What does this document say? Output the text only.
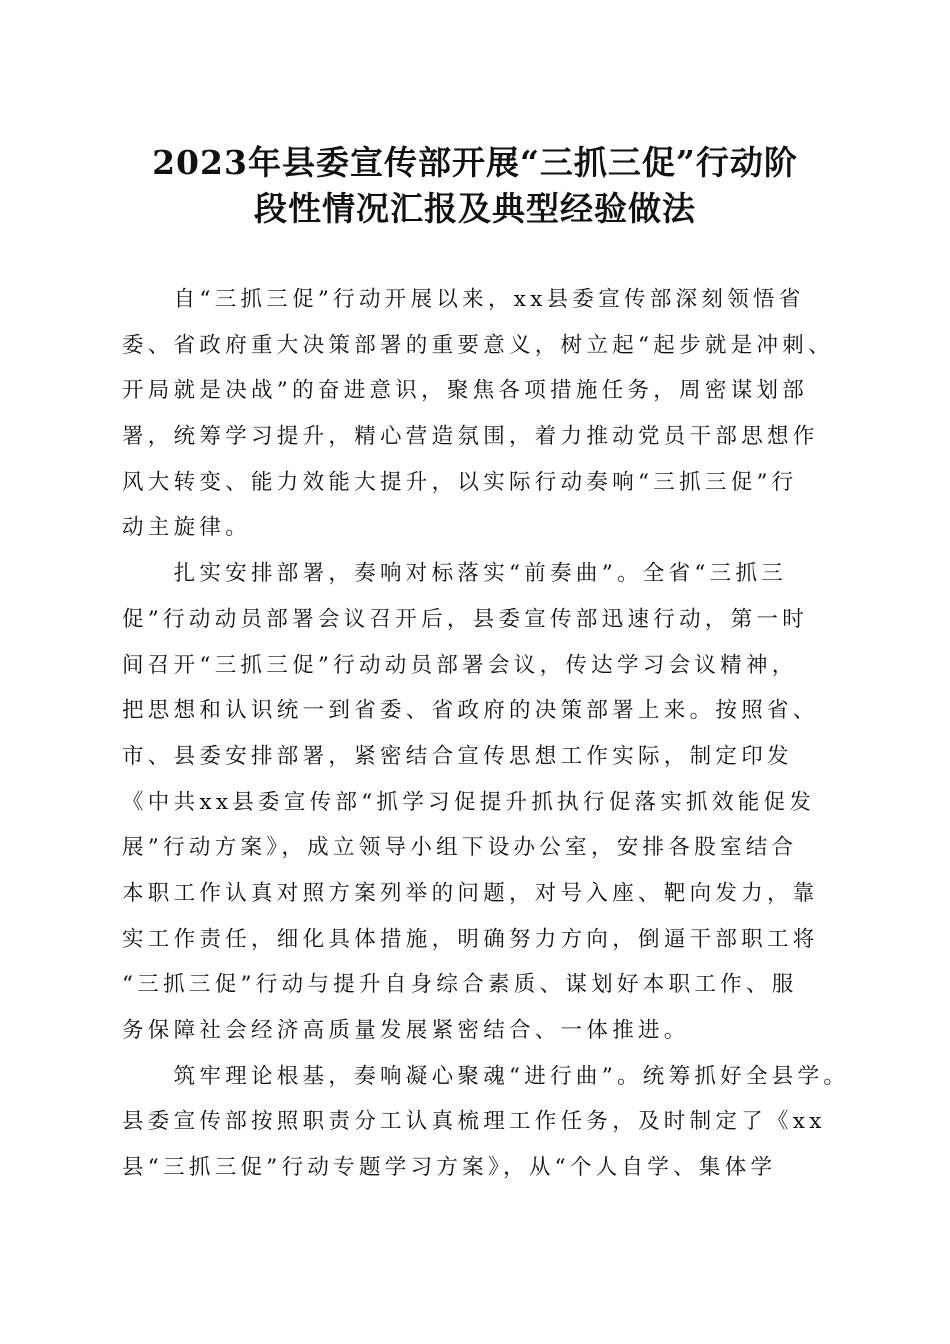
2023年县委宣传部开展“三抓三促”行动阶
段性情况汇报及典型经验做法

　　自“三抓三促”行动开展以来，xx县委宣传部深刻领悟省
委、省政府重大决策部署的重要意义，树立起“起步就是冲刺、
开局就是决战”的奋进意识，聚焦各项措施任务，周密谋划部
署，统筹学习提升，精心营造氛围，着力推动党员干部思想作
风大转变、能力效能大提升，以实际行动奏响“三抓三促”行
动主旋律。

　　扎实安排部署，奏响对标落实“前奏曲”。全省“三抓三
促”行动动员部署会议召开后，县委宣传部迅速行动，第一时
间召开“三抓三促”行动动员部署会议，传达学习会议精神，
把思想和认识统一到省委、省政府的决策部署上来。按照省、
市、县委安排部署，紧密结合宣传思想工作实际，制定印发
《中共xx县委宣传部“抓学习促提升抓执行促落实抓效能促发
展”行动方案》，成立领导小组下设办公室，安排各股室结合
本职工作认真对照方案列举的问题，对号入座、靶向发力，靠
实工作责任，细化具体措施，明确努力方向，倒逼干部职工将
“三抓三促”行动与提升自身综合素质、谋划好本职工作、服
务保障社会经济高质量发展紧密结合、一体推进。

　　筑牢理论根基，奏响凝心聚魂“进行曲”。统筹抓好全县学。
县委宣传部按照职责分工认真梳理工作任务，及时制定了《xx
县“三抓三促”行动专题学习方案》，从“个人自学、集体学
